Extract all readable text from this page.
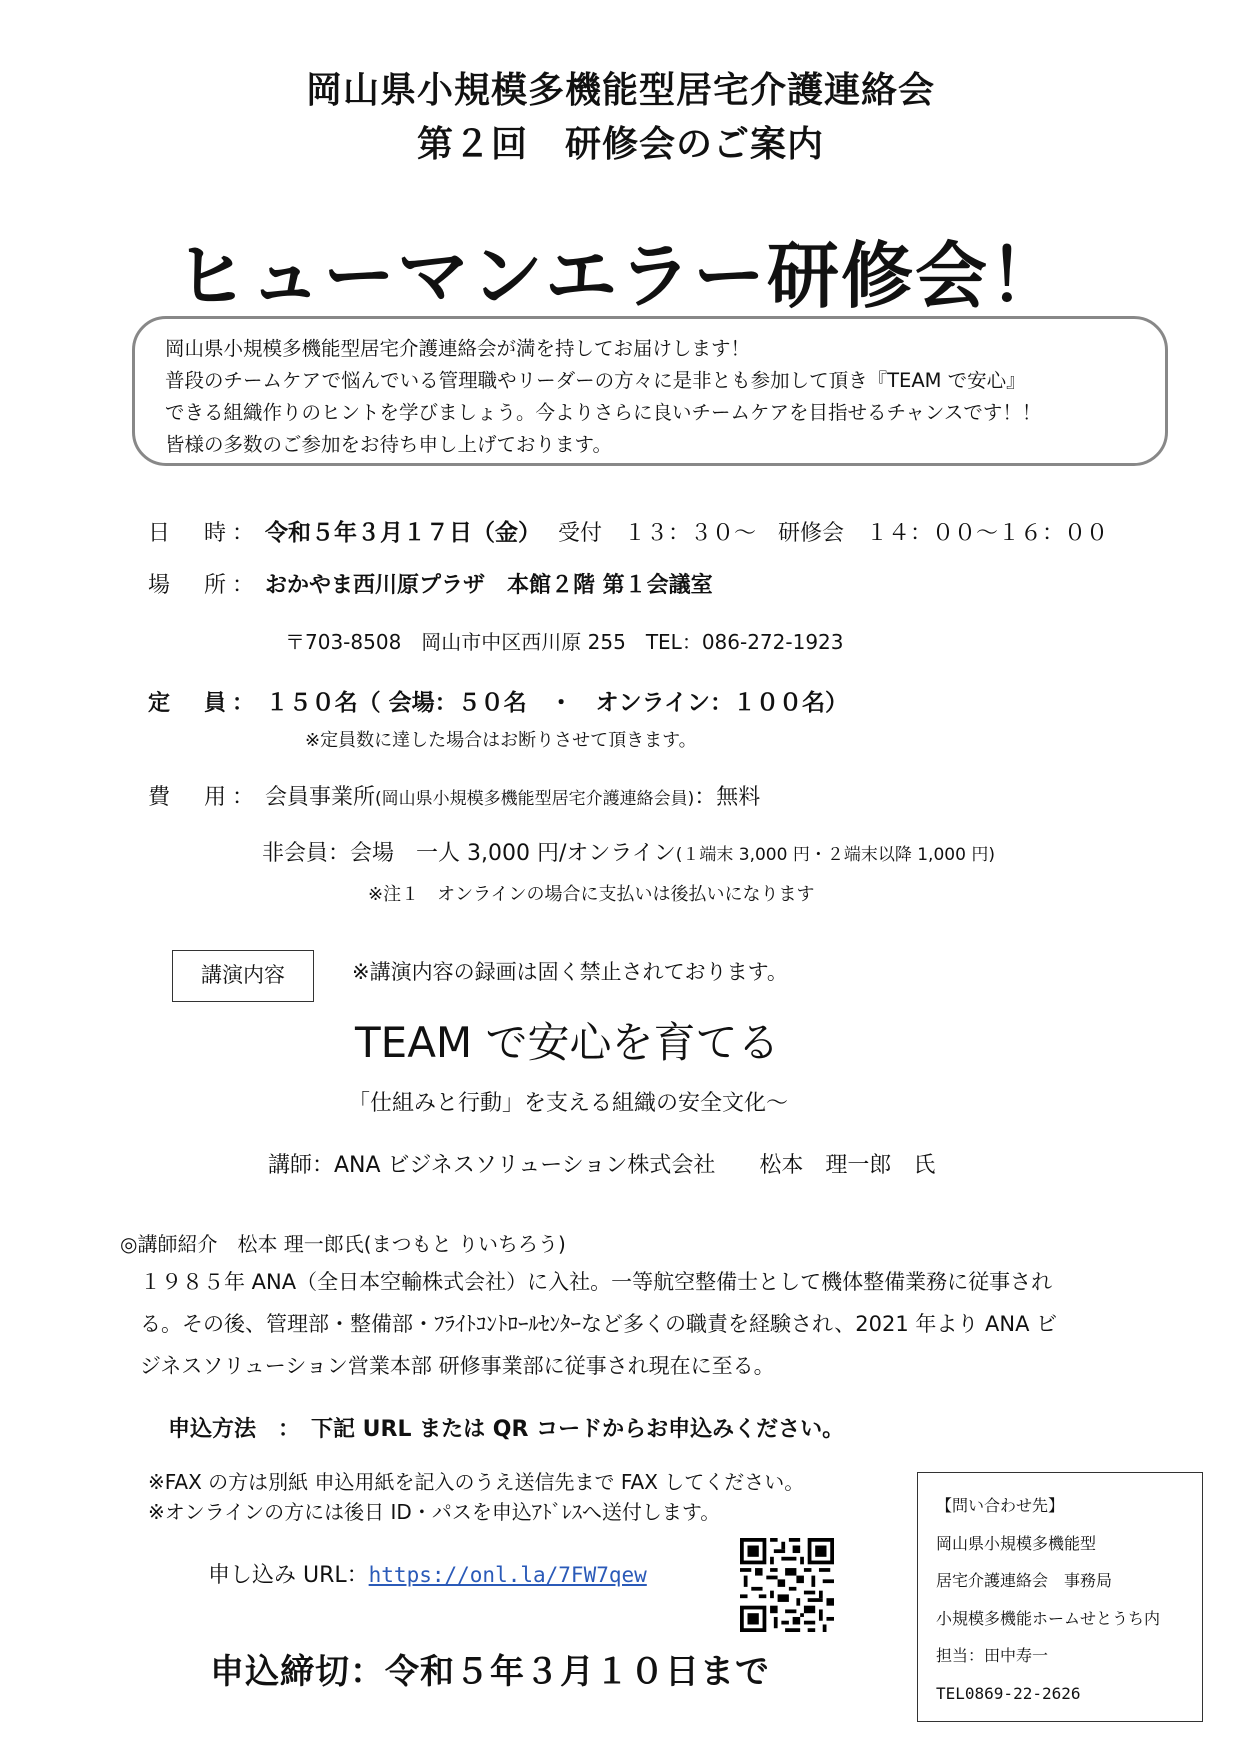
岡山県小規模多機能型居宅介護連絡会
第２回　研修会のご案内
ヒューマンエラー研修会！
岡山県小規模多機能型居宅介護連絡会が満を持してお届けします！
普段のチームケアで悩んでいる管理職やリーダーの方々に是非とも参加して頂き『TEAM で安心』
できる組織作りのヒントを学びましょう。今よりさらに良いチームケアを目指せるチャンスです！！
皆様の多数のご参加をお待ち申し上げております。
日　時： 令和５年３月１７日（金） 受付　１３：３０～　研修会　１４：００～１６：００
場　所： おかやま西川原プラザ　本館２階 第１会議室
〒703-8508　岡山市中区西川原 255　TEL：086-272-1923
定　員： １５０名（ 会場：５０名　・　オンライン：１００名）
※定員数に達した場合はお断りさせて頂きます。
費　用： 会員事業所(岡山県小規模多機能型居宅介護連絡会員)：無料
非会員：会場　一人 3,000 円/オンライン(１端末 3,000 円・２端末以降 1,000 円)
※注１　オンラインの場合に支払いは後払いになります
講演内容	※講演内容の録画は固く禁止されております。
TEAM で安心を育てる
「仕組みと行動」を支える組織の安全文化～
講師：ANA ビジネスソリューション株式会社　　松本　理一郎　氏
◎講師紹介　松本 理一郎氏(まつもと りいちろう)
１９８５年 ANA（全日本空輸株式会社）に入社。一等航空整備士として機体整備業務に従事され
る。その後、管理部・整備部・ﾌﾗｲﾄｺﾝﾄﾛｰﾙｾﾝﾀｰなど多くの職責を経験され、2021 年より ANA ビ
ジネスソリューション営業本部 研修事業部に従事され現在に至る。
申込方法　：　下記 URL または QR コードからお申込みください。
※FAX の方は別紙 申込用紙を記入のうえ送信先まで FAX してください。
※オンラインの方には後日 ID・パスを申込ｱﾄﾞﾚｽへ送付します。
申し込み URL：https://onl.la/7FW7qew
【問い合わせ先】
岡山県小規模多機能型
居宅介護連絡会　事務局
小規模多機能ホームせとうち内
担当：田中寿一
TEL0869-22-2626
申込締切：令和５年３月１０日まで
